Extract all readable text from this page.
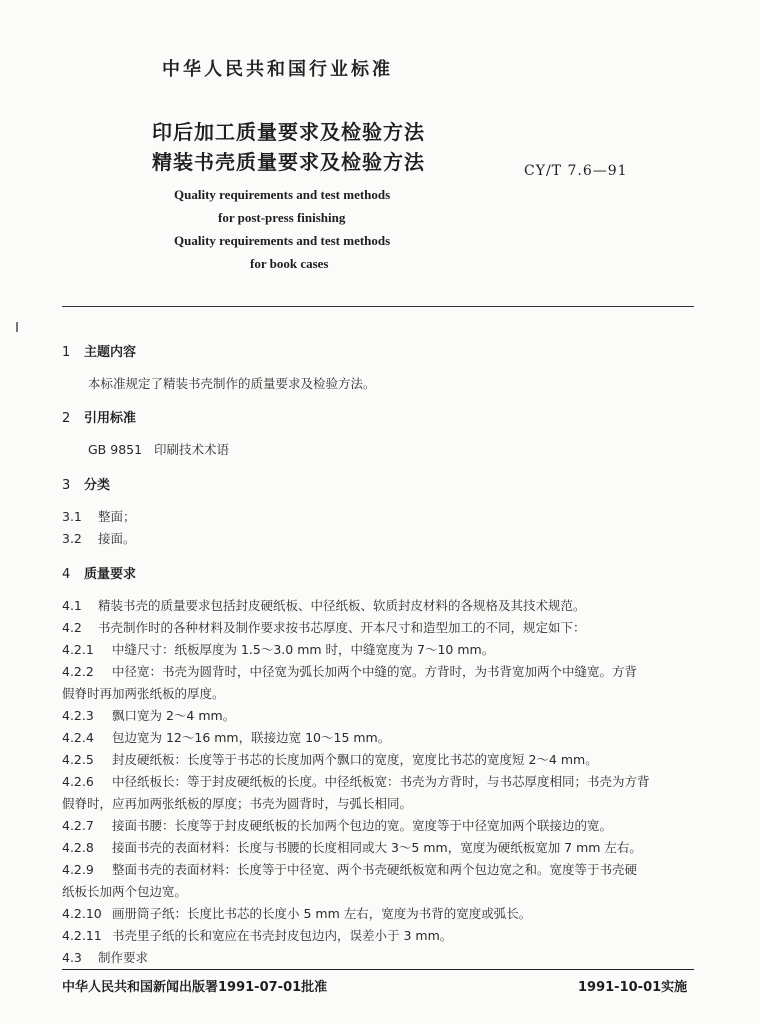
中华人民共和国行业标准
印后加工质量要求及检验方法
精装书壳质量要求及检验方法	CY/T 7.6—91
Quality requirements and test methods
for post-press finishing
Quality requirements and test methods
for book cases
1 主题内容
本标准规定了精装书壳制作的质量要求及检验方法。
2 引用标准
GB 9851   印刷技术术语
3 分类
3.1 整面；
3.2 接面。
4 质量要求
4.1 精装书壳的质量要求包括封皮硬纸板、中径纸板、软质封皮材料的各规格及其技术规范。
4.2 书壳制作时的各种材料及制作要求按书芯厚度、开本尺寸和造型加工的不同，规定如下：
4.2.1 中缝尺寸：纸板厚度为 1.5～3.0 mm 时，中缝宽度为 7～10 mm。
4.2.2 中径宽：书壳为圆背时，中径宽为弧长加两个中缝的宽。方背时，为书背宽加两个中缝宽。方背
假脊时再加两张纸板的厚度。
4.2.3 飘口宽为 2～4 mm。
4.2.4 包边宽为 12～16 mm，联接边宽 10～15 mm。
4.2.5 封皮硬纸板：长度等于书芯的长度加两个飘口的宽度，宽度比书芯的宽度短 2～4 mm。
4.2.6 中径纸板长：等于封皮硬纸板的长度。中径纸板宽：书壳为方背时，与书芯厚度相同；书壳为方背
假脊时，应再加两张纸板的厚度；书壳为圆背时，与弧长相同。
4.2.7 接面书腰：长度等于封皮硬纸板的长加两个包边的宽。宽度等于中径宽加两个联接边的宽。
4.2.8 接面书壳的表面材料：长度与书腰的长度相同或大 3～5 mm，宽度为硬纸板宽加 7 mm 左右。
4.2.9 整面书壳的表面材料：长度等于中径宽、两个书壳硬纸板宽和两个包边宽之和。宽度等于书壳硬
纸板长加两个包边宽。
4.2.10 画册筒子纸：长度比书芯的长度小 5 mm 左右，宽度为书背的宽度或弧长。
4.2.11 书壳里子纸的长和宽应在书壳封皮包边内，误差小于 3 mm。
4.3 制作要求
中华人民共和国新闻出版署1991-07-01批准	1991-10-01实施
